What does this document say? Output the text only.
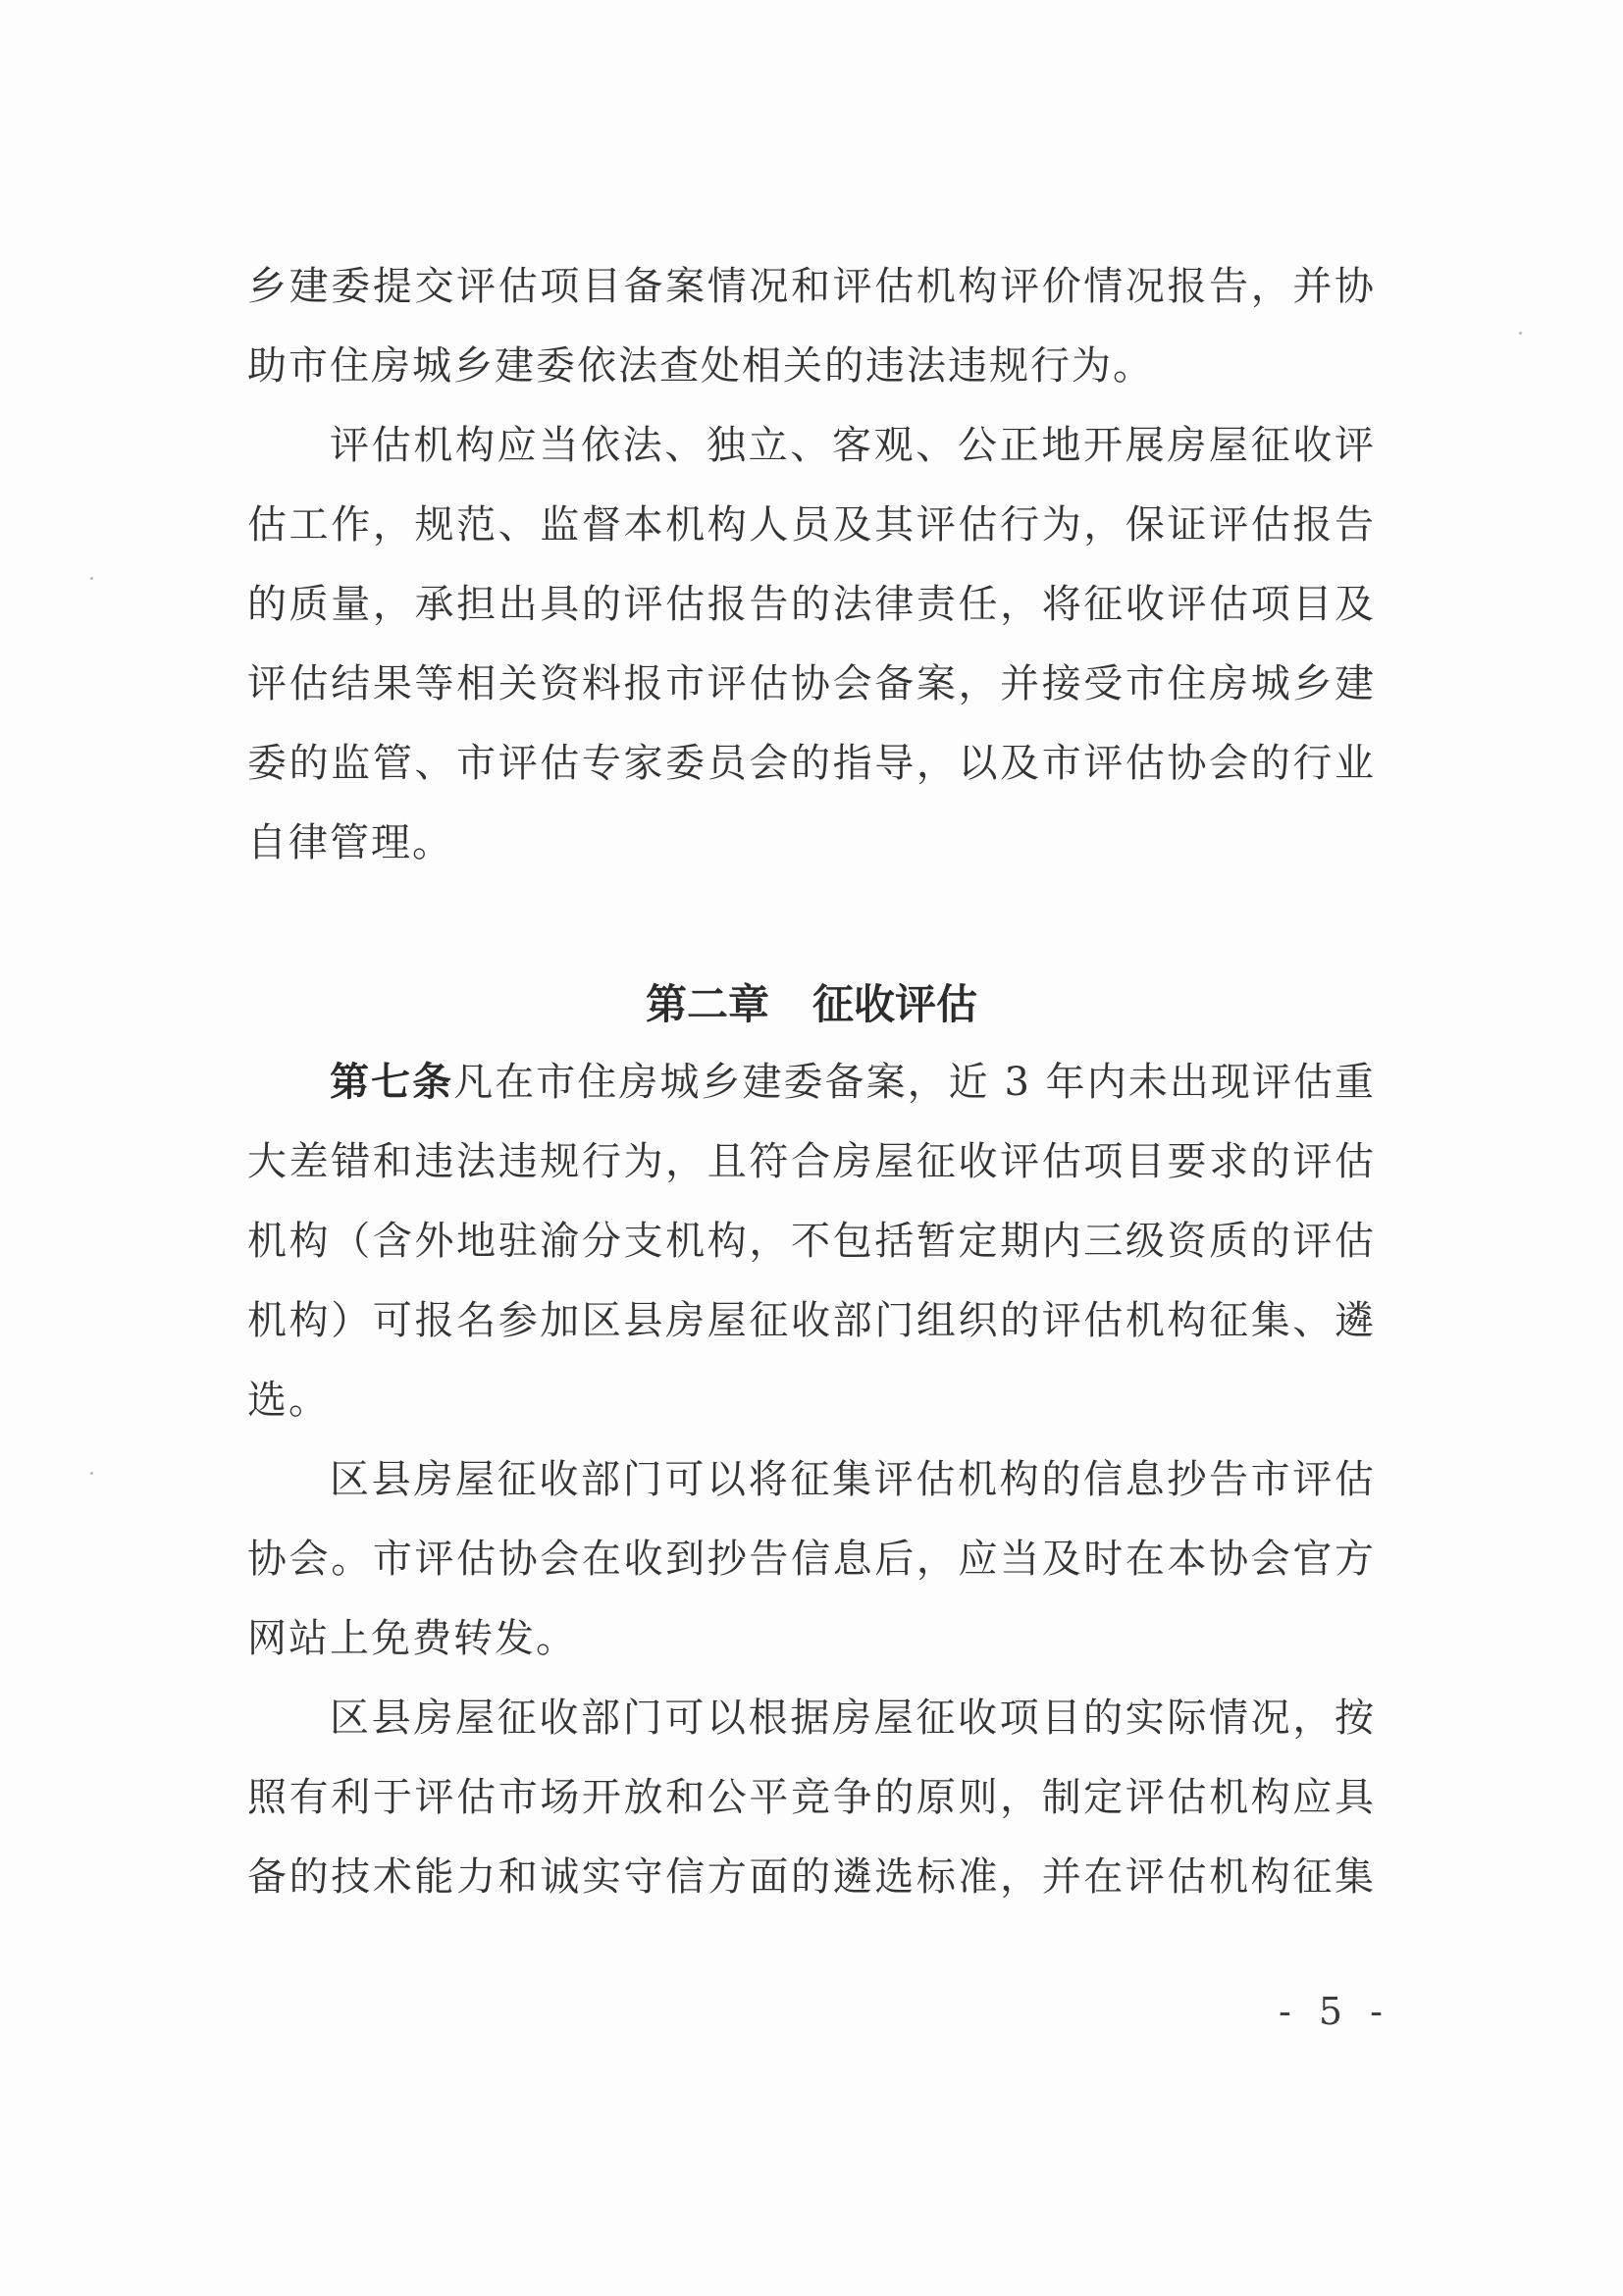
乡建委提交评估项目备案情况和评估机构评价情况报告，并协
助市住房城乡建委依法查处相关的违法违规行为。
评估机构应当依法、独立、客观、公正地开展房屋征收评
估工作，规范、监督本机构人员及其评估行为，保证评估报告
的质量，承担出具的评估报告的法律责任，将征收评估项目及
评估结果等相关资料报市评估协会备案，并接受市住房城乡建
委的监管、市评估专家委员会的指导，以及市评估协会的行业
自律管理。
第二章 征收评估
第七条凡在市住房城乡建委备案，近 3 年内未出现评估重
大差错和违法违规行为，且符合房屋征收评估项目要求的评估
机构（含外地驻渝分支机构，不包括暂定期内三级资质的评估
机构）可报名参加区县房屋征收部门组织的评估机构征集、遴
选。
区县房屋征收部门可以将征集评估机构的信息抄告市评估
协会。市评估协会在收到抄告信息后，应当及时在本协会官方
网站上免费转发。
区县房屋征收部门可以根据房屋征收项目的实际情况，按
照有利于评估市场开放和公平竞争的原则，制定评估机构应具
备的技术能力和诚实守信方面的遴选标准，并在评估机构征集
- 5 -
